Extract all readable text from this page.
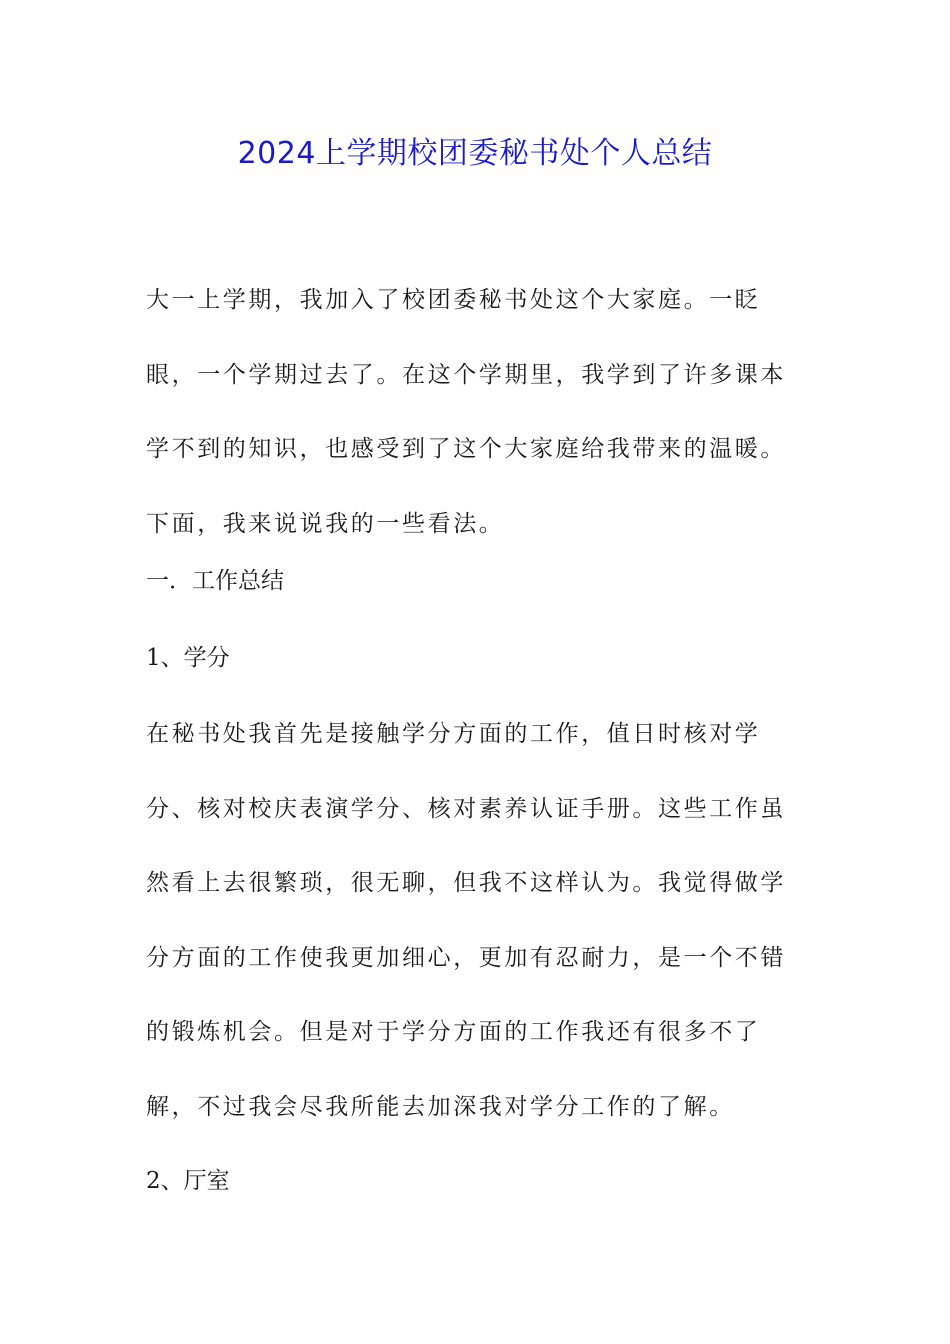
2024上学期校团委秘书处个人总结

大一上学期，我加入了校团委秘书处这个大家庭。一眨眼，一个学期过去了。在这个学期里，我学到了许多课本学不到的知识，也感受到了这个大家庭给我带来的温暖。下面，我来说说我的一些看法。

一．工作总结

1、学分

在秘书处我首先是接触学分方面的工作，值日时核对学分、核对校庆表演学分、核对素养认证手册。这些工作虽然看上去很繁琐，很无聊，但我不这样认为。我觉得做学分方面的工作使我更加细心，更加有忍耐力，是一个不错的锻炼机会。但是对于学分方面的工作我还有很多不了解，不过我会尽我所能去加深我对学分工作的了解。

2、厅室
